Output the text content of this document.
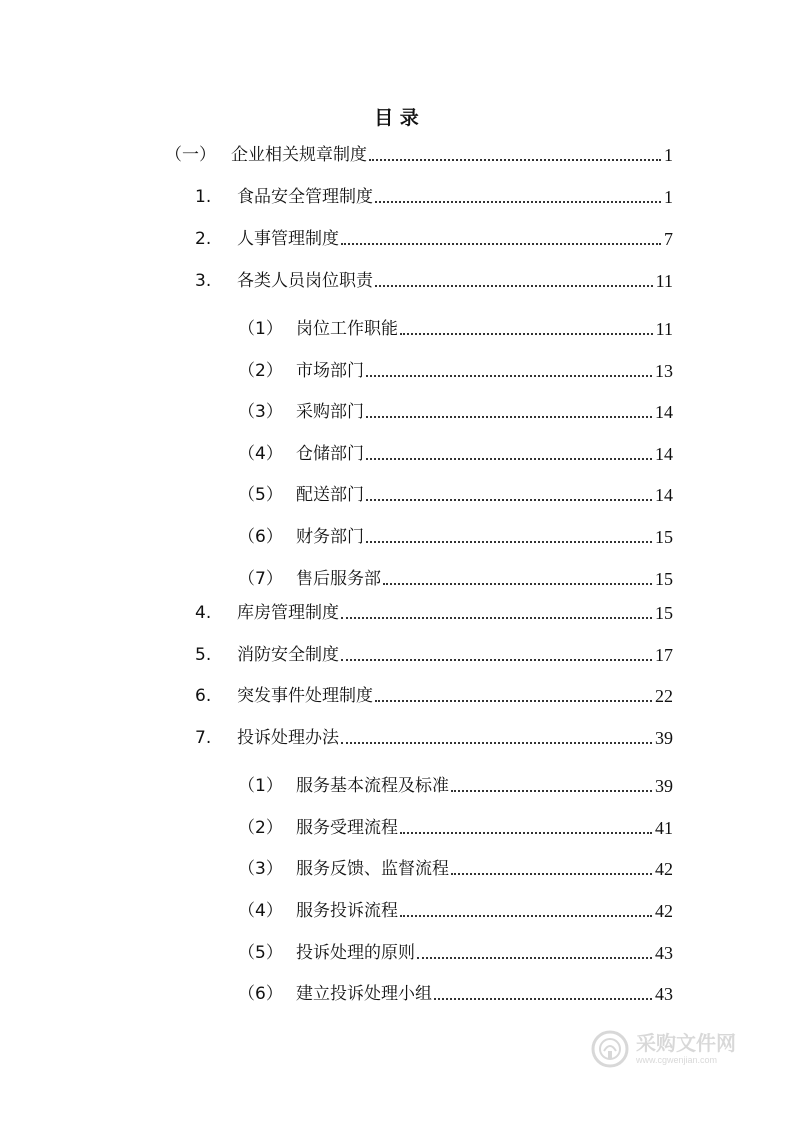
目 录
（一） 企业相关规章制度	1
1.	食品安全管理制度	1
2.	人事管理制度	7
3.	各类人员岗位职责	11
（1） 岗位工作职能	11
（2） 市场部门	13
（3） 采购部门	14
（4） 仓储部门	14
（5） 配送部门	14
（6） 财务部门	15
（7） 售后服务部	15
4.	库房管理制度	15
5.	消防安全制度	17
6.	突发事件处理制度	22
7.	投诉处理办法	39
（1） 服务基本流程及标准	39
（2） 服务受理流程	41
（3） 服务反馈、监督流程	42
（4） 服务投诉流程	42
（5） 投诉处理的原则	43
（6） 建立投诉处理小组	43
采购文件网
www.cgwenjian.com
